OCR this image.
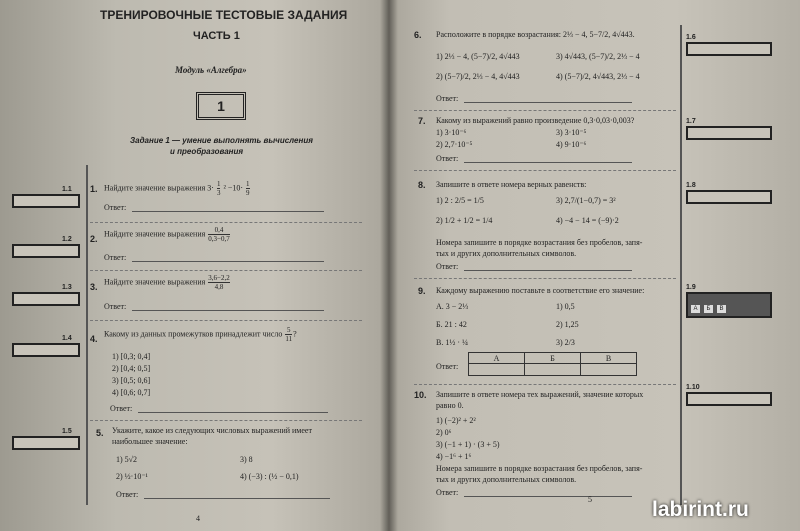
ТРЕНИРОВОЧНЫЕ ТЕСТОВЫЕ ЗАДАНИЯ
ЧАСТЬ 1
Модуль «Алгебра»
1
Задание 1 — умение выполнять вычисления
и преобразования
1.1 1. Найдите значение выражения $3\cdot \frac{1}{3} ^2 -10\cdot \frac{1}{9}$
Ответ:
1.2 2.
Найдите значение выражения $\frac{0,4}{0,3-0,7}$
Ответ:
1.3 3.
Найдите значение выражения $\frac{3,6-2,2}{4,8}$
Ответ:
1.4 4.
Какому из данных промежутков принадлежит число $\frac{5}{11}$ ?
1) [0,3; 0,4]
2) [0,4; 0,5]
3) [0,5; 0,6]
4) [0,6; 0,7]
Ответ:
1.5	5. Укажите, какое из следующих числовых выражений имеет
наибольшее значение:
1) 5√2	3) 8
2) ½·10⁻¹	4) (−3) : (½ − 0,1)
Ответ:
4
6. Расположите в порядке возрастания: 2⅓ − 4, 5−7/2, 4√443.
1) 2⅓ − 4, (5−7)/2, 4√443	3) 4√443, (5−7)/2, 2⅓ − 4
2) (5−7)/2, 2⅓ − 4, 4√443	4) (5−7)/2, 4√443, 2⅓ − 4
Ответ:
1.6
7. Какому из выражений равно произведение 0,3·0,03·0,003?
1) 3·10⁻⁶	3) 3·10⁻⁵
2) 2,7·10⁻⁵	4) 9·10⁻⁶
Ответ:
1.7
8. Запишите в ответе номера верных равенств:
1) 2 : 2/5 = 1/5	3) 2,7/(1−0,7) = 3²
2) 1/2 + 1/2 = 1/4	4) −4 − 14 = (−9)·2
Номера запишите в порядке возрастания без пробелов, запя-
тых и других дополнительных символов.
Ответ:
1.8
9. Каждому выражению поставьте в соответствие его значение:
А. 3 − 2⅓
Б. 21 : 42
В. 1½ · ¼
1) 0,5
2) 1,25
3) 2/3
Ответ:
А	Б	В

1.9
А Б В
10. Запишите в ответе номера тех выражений, значение которых
равно 0.
1) (−2)² + 2²
2) 0⁶
3) (−1 + 1) · (3 + 5)
4) −1⁶ + 1⁶
Номера запишите в порядке возрастания без пробелов, запя-
тых и других дополнительных символов.
Ответ:
1.10
5	labirint.ru
